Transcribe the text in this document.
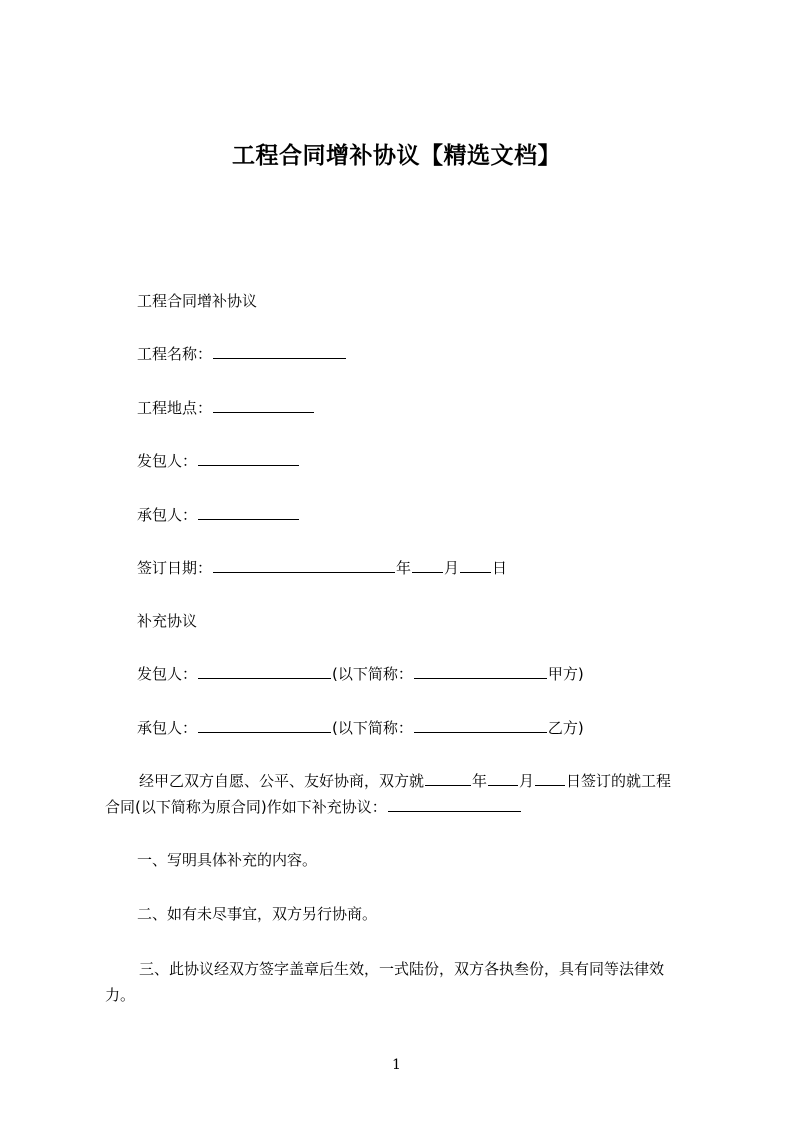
工程合同增补协议【精选文档】

工程合同增补协议

工程名称：

工程地点：

发包人：

承包人：

签订日期：	年 月 日

补充协议

发包人：	(以下简称：	甲方)

承包人：	(以下简称：	乙方)

经甲乙双方自愿、公平、友好协商，双方就	年 月 日签订的就工程
合同(以下简称为原合同)作如下补充协议：

一、写明具体补充的内容。

二、如有未尽事宜，双方另行协商。

三、此协议经双方签字盖章后生效，一式陆份，双方各执叁份，具有同等法律效
力。

1
